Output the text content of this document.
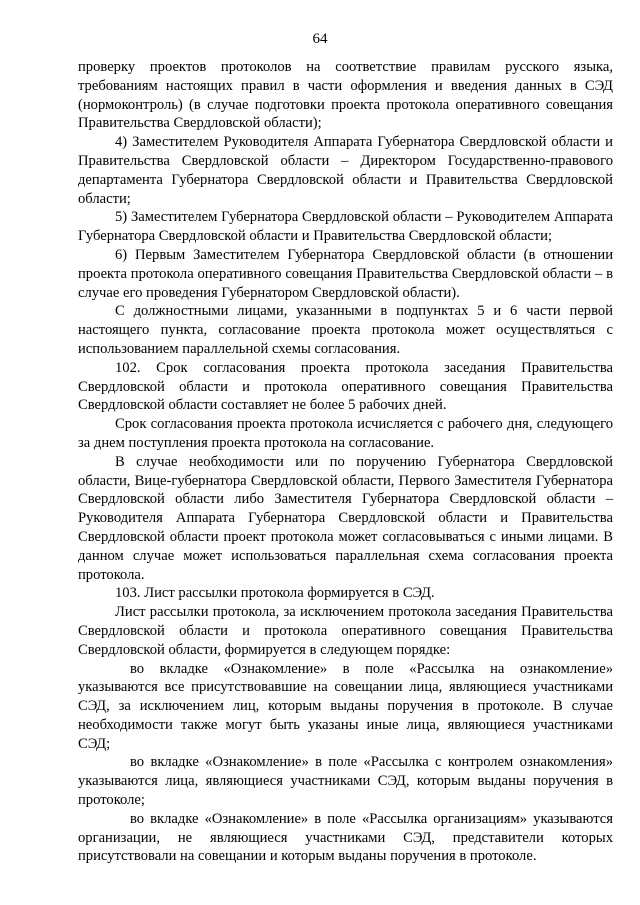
64

проверку проектов протоколов на соответствие правилам русского языка, требованиям настоящих правил в части оформления и введения данных в СЭД (нормоконтроль) (в случае подготовки проекта протокола оперативного совещания Правительства Свердловской области);

4) Заместителем Руководителя Аппарата Губернатора Свердловской области и Правительства Свердловской области – Директором Государственно-правового департамента Губернатора Свердловской области и Правительства Свердловской области;

5) Заместителем Губернатора Свердловской области – Руководителем Аппарата Губернатора Свердловской области и Правительства Свердловской области;

6) Первым Заместителем Губернатора Свердловской области (в отношении проекта протокола оперативного совещания Правительства Свердловской области – в случае его проведения Губернатором Свердловской области).

С должностными лицами, указанными в подпунктах 5 и 6 части первой настоящего пункта, согласование проекта протокола может осуществляться с использованием параллельной схемы согласования.

102. Срок согласования проекта протокола заседания Правительства Свердловской области и протокола оперативного совещания Правительства Свердловской области составляет не более 5 рабочих дней.

Срок согласования проекта протокола исчисляется с рабочего дня, следующего за днем поступления проекта протокола на согласование.

В случае необходимости или по поручению Губернатора Свердловской области, Вице-губернатора Свердловской области, Первого Заместителя Губернатора Свердловской области либо Заместителя Губернатора Свердловской области – Руководителя Аппарата Губернатора Свердловской области и Правительства Свердловской области проект протокола может согласовываться с иными лицами. В данном случае может использоваться параллельная схема согласования проекта протокола.

103. Лист рассылки протокола формируется в СЭД.

Лист рассылки протокола, за исключением протокола заседания Правительства Свердловской области и протокола оперативного совещания Правительства Свердловской области, формируется в следующем порядке:

во вкладке «Ознакомление» в поле «Рассылка на ознакомление» указываются все присутствовавшие на совещании лица, являющиеся участниками СЭД, за исключением лиц, которым выданы поручения в протоколе. В случае необходимости также могут быть указаны иные лица, являющиеся участниками СЭД;

во вкладке «Ознакомление» в поле «Рассылка с контролем ознакомления» указываются лица, являющиеся участниками СЭД, которым выданы поручения в протоколе;

во вкладке «Ознакомление» в поле «Рассылка организациям» указываются организации, не являющиеся участниками СЭД, представители которых присутствовали на совещании и которым выданы поручения в протоколе.
